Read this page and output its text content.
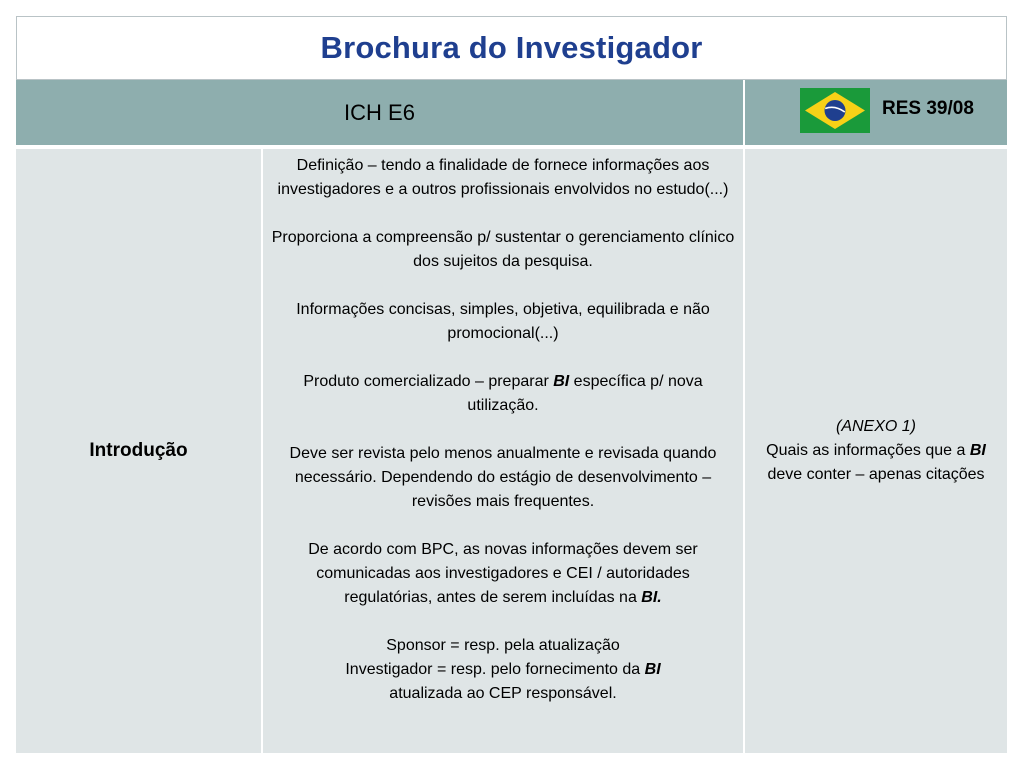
Brochura do Investigador
ICH E6	RES 39/08
Introdução

Definição – tendo a finalidade de fornece informações aos investigadores e a outros profissionais envolvidos no estudo(...)

Proporciona a compreensão p/ sustentar o gerenciamento clínico dos sujeitos da pesquisa.

Informações concisas, simples, objetiva, equilibrada e não promocional(...)

Produto comercializado – preparar BI específica p/ nova utilização.

Deve ser revista pelo menos anualmente e revisada quando necessário. Dependendo do estágio de desenvolvimento – revisões mais frequentes.

De acordo com BPC, as novas informações devem ser comunicadas aos investigadores e CEI / autoridades regulatórias, antes de serem incluídas na BI.

Sponsor = resp. pela atualização
Investigador = resp. pelo fornecimento da BI
atualizada ao CEP responsável.

(ANEXO 1)
Quais as informações que a BI deve conter – apenas citações
